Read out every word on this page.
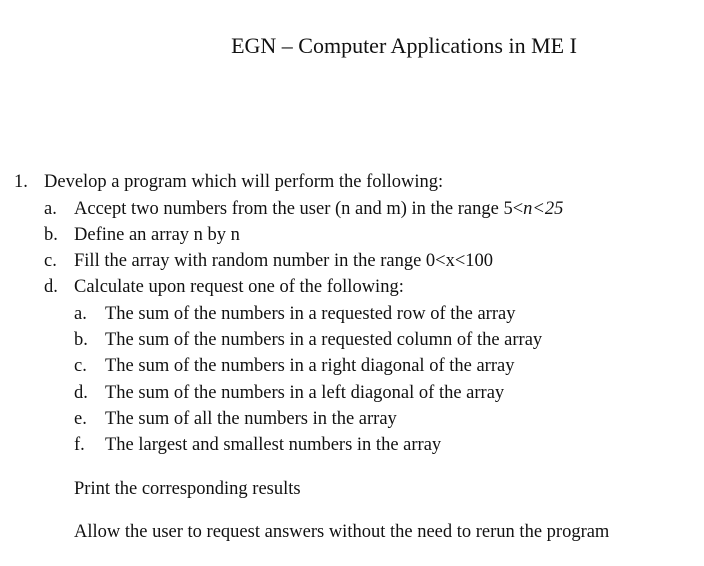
EGN – Computer Applications in ME I
1. Develop a program which will perform the following:
a. Accept two numbers from the user (n and m) in the range 5<n<25
b. Define an array n by n
c. Fill the array with random number in the range 0<x<100
d. Calculate upon request one of the following:
a. The sum of the numbers in a requested row of the array
b. The sum of the numbers in a requested column of the array
c. The sum of the numbers in a right diagonal of the array
d. The sum of the numbers in a left diagonal of the array
e. The sum of all the numbers in the array
f. The largest and smallest numbers in the array
Print the corresponding results
Allow the user to request answers without the need to rerun the program
